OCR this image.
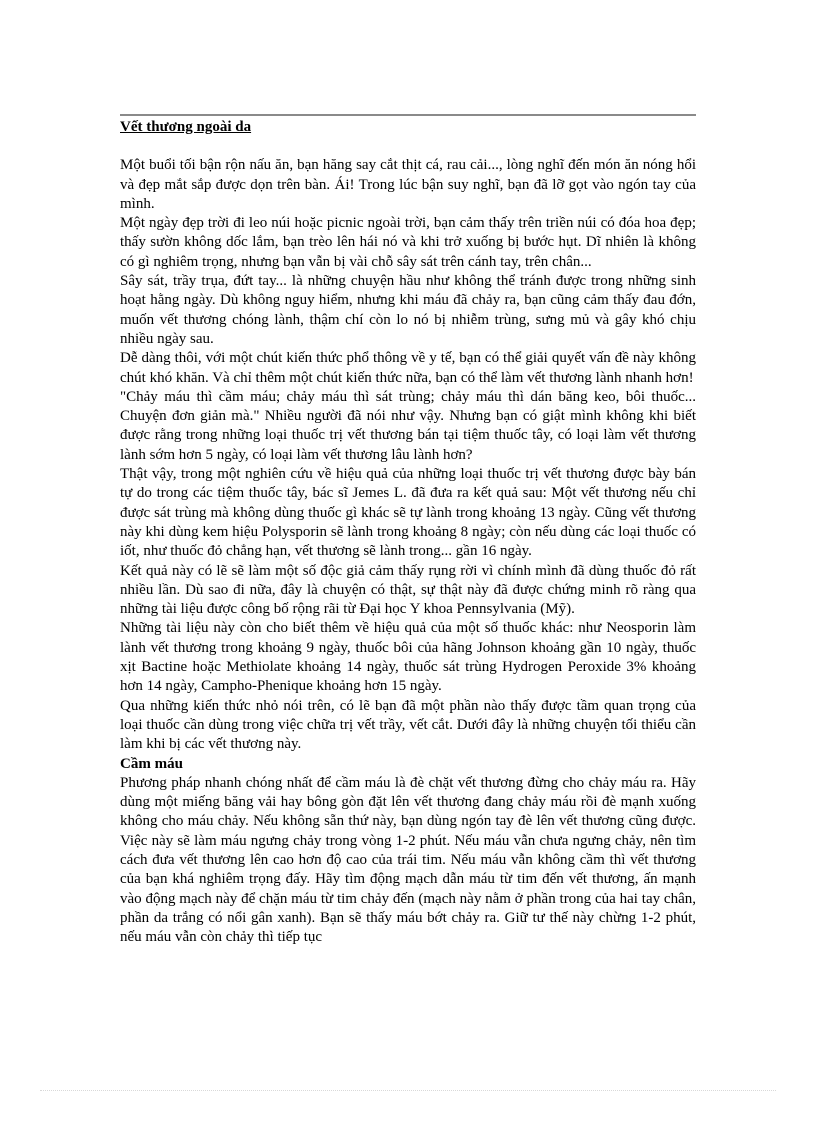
Vết thương ngoài da

Một buổi tối bận rộn nấu ăn, bạn hăng say cắt thịt cá, rau cải..., lòng nghĩ đến món ăn nóng hổi và đẹp mắt sắp được dọn trên bàn. Ái! Trong lúc bận suy nghĩ, bạn đã lỡ gọt vào ngón tay của mình.

Một ngày đẹp trời đi leo núi hoặc picnic ngoài trời, bạn cảm thấy trên triền núi có đóa hoa đẹp; thấy sườn không dốc lắm, bạn trèo lên hái nó và khi trở xuống bị bước hụt. Dĩ nhiên là không có gì nghiêm trọng, nhưng bạn vẫn bị vài chỗ sây sát trên cánh tay, trên chân...

Sây sát, trầy trụa, đứt tay... là những chuyện hầu như không thể tránh được trong những sinh hoạt hằng ngày. Dù không nguy hiểm, nhưng khi máu đã chảy ra, bạn cũng cảm thấy đau đớn, muốn vết thương chóng lành, thậm chí còn lo nó bị nhiễm trùng, sưng mủ và gây khó chịu nhiều ngày sau.

Dễ dàng thôi, với một chút kiến thức phổ thông về y tế, bạn có thể giải quyết vấn đề này không chút khó khăn. Và chỉ thêm một chút kiến thức nữa, bạn có thể làm vết thương lành nhanh hơn!

"Chảy máu thì cầm máu; chảy máu thì sát trùng; chảy máu thì dán băng keo, bôi thuốc... Chuyện đơn giản mà." Nhiều người đã nói như vậy. Nhưng bạn có giật mình không khi biết được rằng trong những loại thuốc trị vết thương bán tại tiệm thuốc tây, có loại làm vết thương lành sớm hơn 5 ngày, có loại làm vết thương lâu lành hơn?

Thật vậy, trong một nghiên cứu về hiệu quả của những loại thuốc trị vết thương được bày bán tự do trong các tiệm thuốc tây, bác sĩ Jemes L. đã đưa ra kết quả sau: Một vết thương nếu chỉ được sát trùng mà không dùng thuốc gì khác sẽ tự lành trong khoảng 13 ngày. Cũng vết thương này khi dùng kem hiệu Polysporin sẽ lành trong khoảng 8 ngày; còn nếu dùng các loại thuốc có iốt, như thuốc đỏ chẳng hạn, vết thương sẽ lành trong... gần 16 ngày.

Kết quả này có lẽ sẽ làm một số độc giả cảm thấy rụng rời vì chính mình đã dùng thuốc đỏ rất nhiều lần. Dù sao đi nữa, đây là chuyện có thật, sự thật này đã được chứng minh rõ ràng qua những tài liệu được công bố rộng rãi từ Đại học Y khoa Pennsylvania (Mỹ).

Những tài liệu này còn cho biết thêm về hiệu quả của một số thuốc khác: như Neosporin làm lành vết thương trong khoảng 9 ngày, thuốc bôi của hãng Johnson khoảng gần 10 ngày, thuốc xịt Bactine hoặc Methiolate khoảng 14 ngày, thuốc sát trùng Hydrogen Peroxide 3% khoảng hơn 14 ngày, Campho-Phenique khoảng hơn 15 ngày.

Qua những kiến thức nhỏ nói trên, có lẽ bạn đã một phần nào thấy được tầm quan trọng của loại thuốc cần dùng trong việc chữa trị vết trầy, vết cắt. Dưới đây là những chuyện tối thiểu cần làm khi bị các vết thương này.

Cầm máu

Phương pháp nhanh chóng nhất để cầm máu là đè chặt vết thương đừng cho chảy máu ra. Hãy dùng một miếng băng vải hay bông gòn đặt lên vết thương đang chảy máu rồi đè mạnh xuống không cho máu chảy. Nếu không sẵn thứ này, bạn dùng ngón tay đè lên vết thương cũng được. Việc này sẽ làm máu ngưng chảy trong vòng 1-2 phút. Nếu máu vẫn chưa ngưng chảy, nên tìm cách đưa vết thương lên cao hơn độ cao của trái tim. Nếu máu vẫn không cầm thì vết thương của bạn khá nghiêm trọng đấy. Hãy tìm động mạch dẫn máu từ tim đến vết thương, ấn mạnh vào động mạch này để chặn máu từ tim chảy đến (mạch này nằm ở phần trong của hai tay chân, phần da trắng có nổi gân xanh). Bạn sẽ thấy máu bớt chảy ra. Giữ tư thế này chừng 1-2 phút, nếu máu vẫn còn chảy thì tiếp tục
